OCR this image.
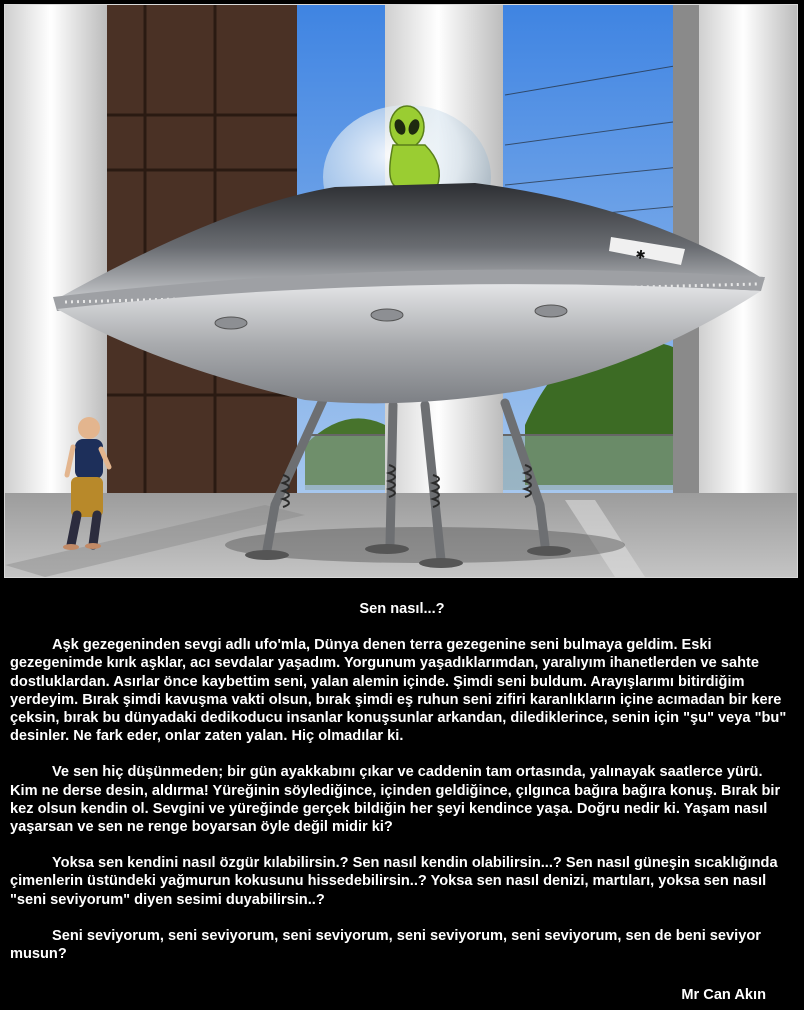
✱
Sen nasıl...?

Aşk gezegeninden sevgi adlı ufo'mla, Dünya denen terra gezegenine seni bulmaya geldim. Eski gezegenimde kırık aşklar, acı sevdalar yaşadım. Yorgunum yaşadıklarımdan, yaralıyım ihanetlerden ve sahte dostluklardan. Asırlar önce kaybettim seni, yalan alemin içinde. Şimdi seni buldum. Arayışlarımı bitirdiğim yerdeyim. Bırak şimdi kavuşma vakti olsun, bırak şimdi eş ruhun seni zifiri karanlıkların içine acımadan bir kere çeksin, bırak bu dünyadaki dedikoducu insanlar konuşsunlar arkandan, dilediklerince, senin için "şu" veya "bu" desinler. Ne fark eder, onlar zaten yalan. Hiç olmadılar ki.

Ve sen hiç düşünmeden; bir gün ayakkabını çıkar ve caddenin tam ortasında, yalınayak saatlerce yürü. Kim ne derse desin, aldırma! Yüreğinin söylediğince, içinden geldiğince, çılgınca bağıra bağıra konuş. Bırak bir kez olsun kendin ol. Sevgini ve yüreğinde gerçek bildiğin her şeyi kendince yaşa. Doğru nedir ki. Yaşam nasıl yaşarsan ve sen ne renge boyarsan öyle değil midir ki?

Yoksa sen kendini nasıl özgür kılabilirsin.? Sen nasıl kendin olabilirsin...? Sen nasıl güneşin sıcaklığında çimenlerin üstündeki yağmurun kokusunu hissedebilirsin..? Yoksa sen nasıl denizi, martıları, yoksa sen nasıl "seni seviyorum" diyen sesimi duyabilirsin..?

Seni seviyorum, seni seviyorum, seni seviyorum, seni seviyorum, seni seviyorum, sen de beni seviyor musun?

Mr Can Akın
